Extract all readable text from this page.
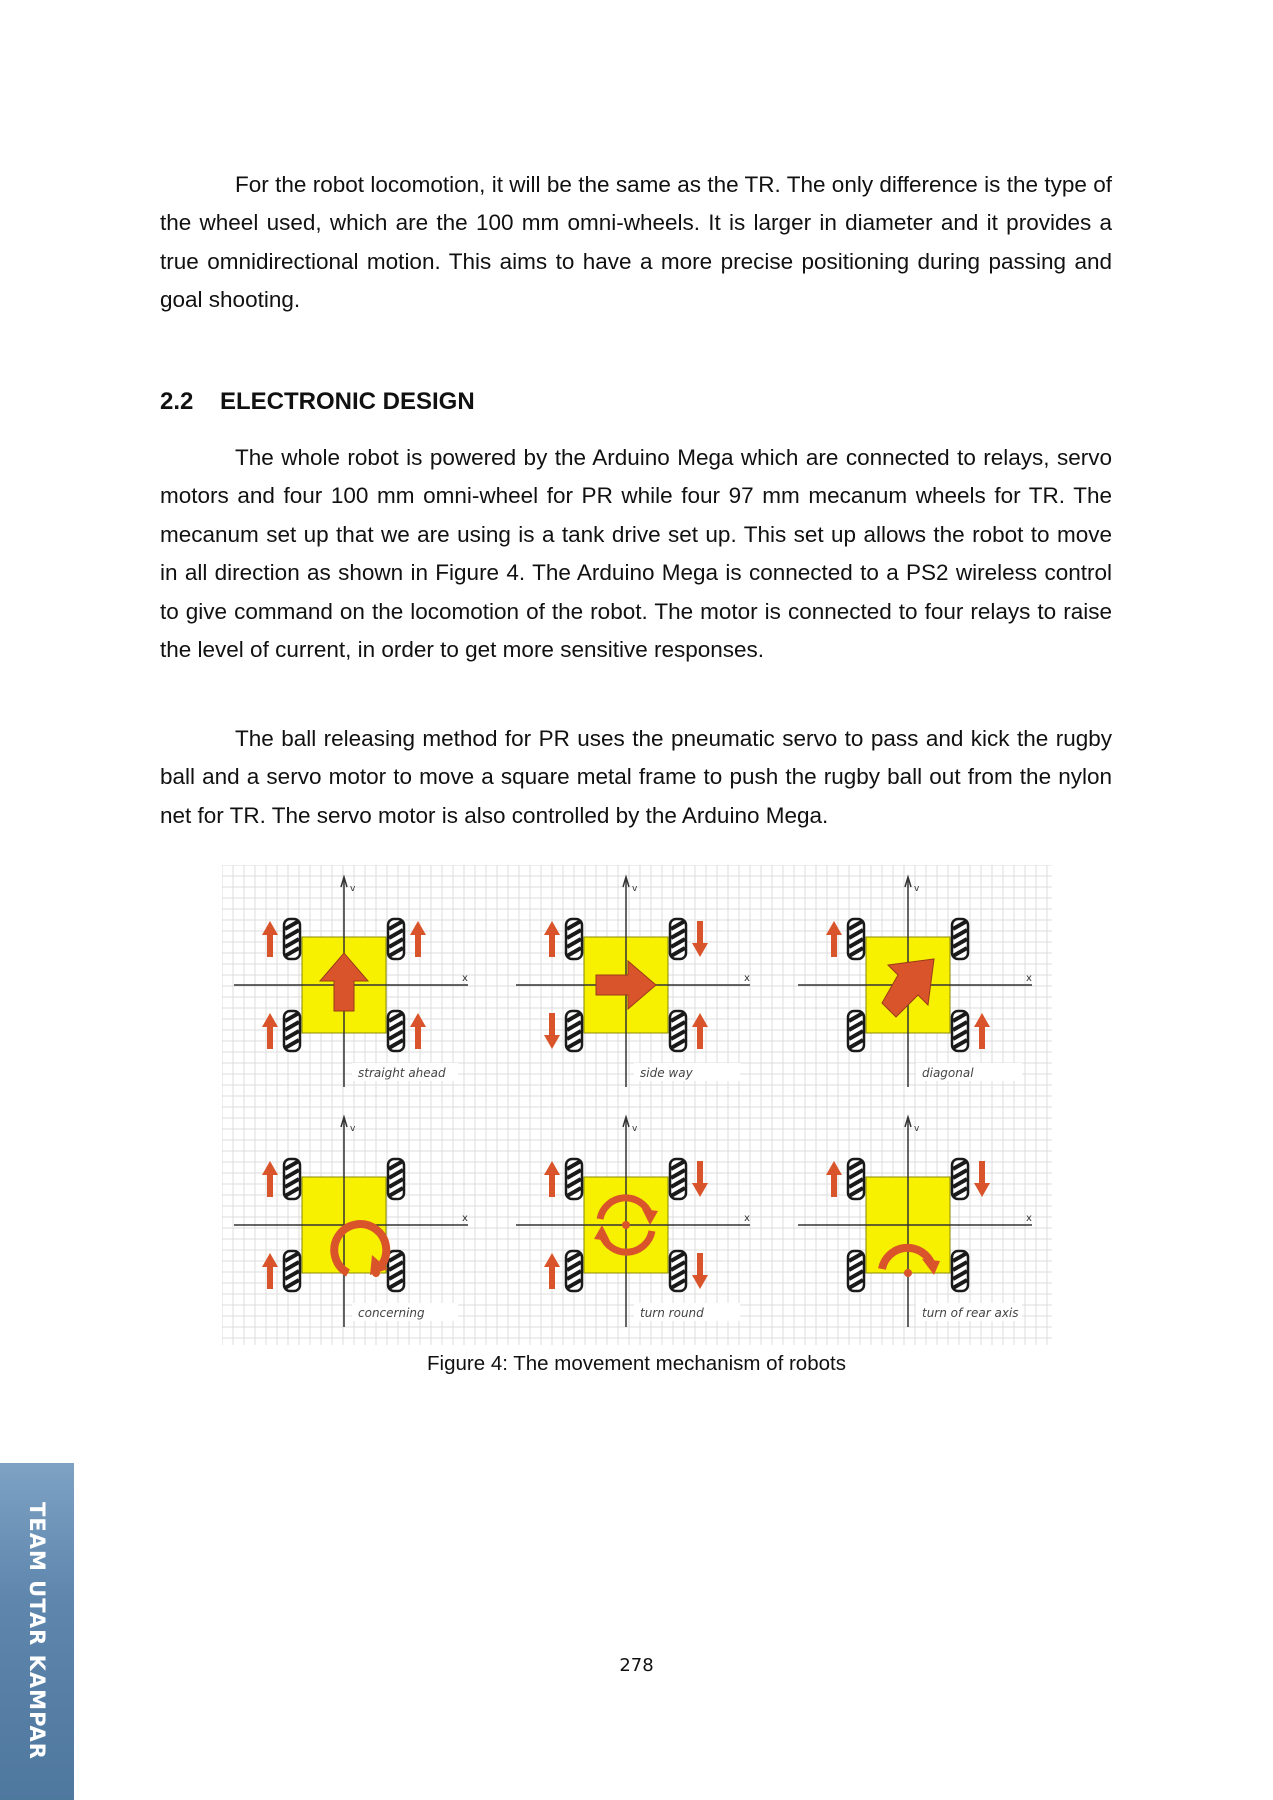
For the robot locomotion, it will be the same as the TR. The only difference is the type of the wheel used, which are the 100 mm omni-wheels. It is larger in diameter and it provides a true omnidirectional motion. This aims to have a more precise positioning during passing and goal shooting.

2.2 ELECTRONIC DESIGN

The whole robot is powered by the Arduino Mega which are connected to relays, servo motors and four 100 mm omni-wheel for PR while four 97 mm mecanum wheels for TR. The mecanum set up that we are using is a tank drive set up. This set up allows the robot to move in all direction as shown in Figure 4. The Arduino Mega is connected to a PS2 wireless control to give command on the locomotion of the robot. The motor is connected to four relays to raise the level of current, in order to get more sensitive responses.

The ball releasing method for PR uses the pneumatic servo to pass and kick the rugby ball and a servo motor to move a square metal frame to push the rugby ball out from the nylon net for TR. The servo motor is also controlled by the Arduino Mega.

v
x
straight ahead
v
x
side way
v
x
diagonal
v
x
concerning
v
x
turn round
v
x
turn of rear axis
Figure 4: The movement mechanism of robots
278
TEAM UTAR KAMPAR
